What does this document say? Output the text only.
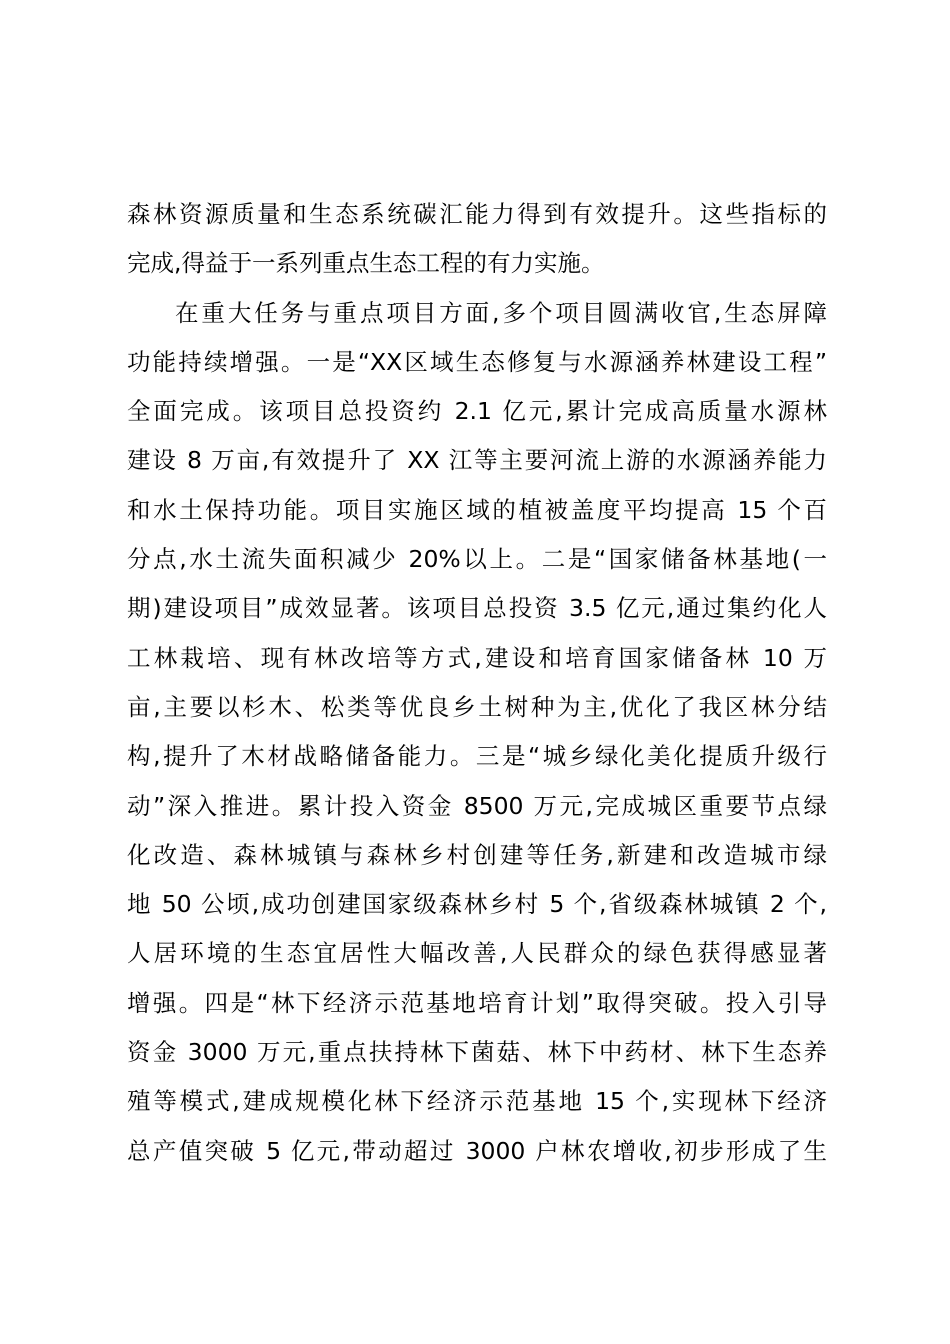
森林资源质量和生态系统碳汇能力得到有效提升。这些指标的
完成,得益于一系列重点生态工程的有力实施。
在重大任务与重点项目方面,多个项目圆满收官,生态屏障
功能持续增强。一是“XX区域生态修复与水源涵养林建设工程”
全面完成。该项目总投资约 2.1 亿元,累计完成高质量水源林
建设 8 万亩,有效提升了 XX 江等主要河流上游的水源涵养能力
和水土保持功能。项目实施区域的植被盖度平均提高 15 个百
分点,水土流失面积减少 20%以上。二是“国家储备林基地(一
期)建设项目”成效显著。该项目总投资 3.5 亿元,通过集约化人
工林栽培、现有林改培等方式,建设和培育国家储备林 10 万
亩,主要以杉木、松类等优良乡土树种为主,优化了我区林分结
构,提升了木材战略储备能力。三是“城乡绿化美化提质升级行
动”深入推进。累计投入资金 8500 万元,完成城区重要节点绿
化改造、森林城镇与森林乡村创建等任务,新建和改造城市绿
地 50 公顷,成功创建国家级森林乡村 5 个,省级森林城镇 2 个,
人居环境的生态宜居性大幅改善,人民群众的绿色获得感显著
增强。四是“林下经济示范基地培育计划”取得突破。投入引导
资金 3000 万元,重点扶持林下菌菇、林下中药材、林下生态养
殖等模式,建成规模化林下经济示范基地 15 个,实现林下经济
总产值突破 5 亿元,带动超过 3000 户林农增收,初步形成了生
